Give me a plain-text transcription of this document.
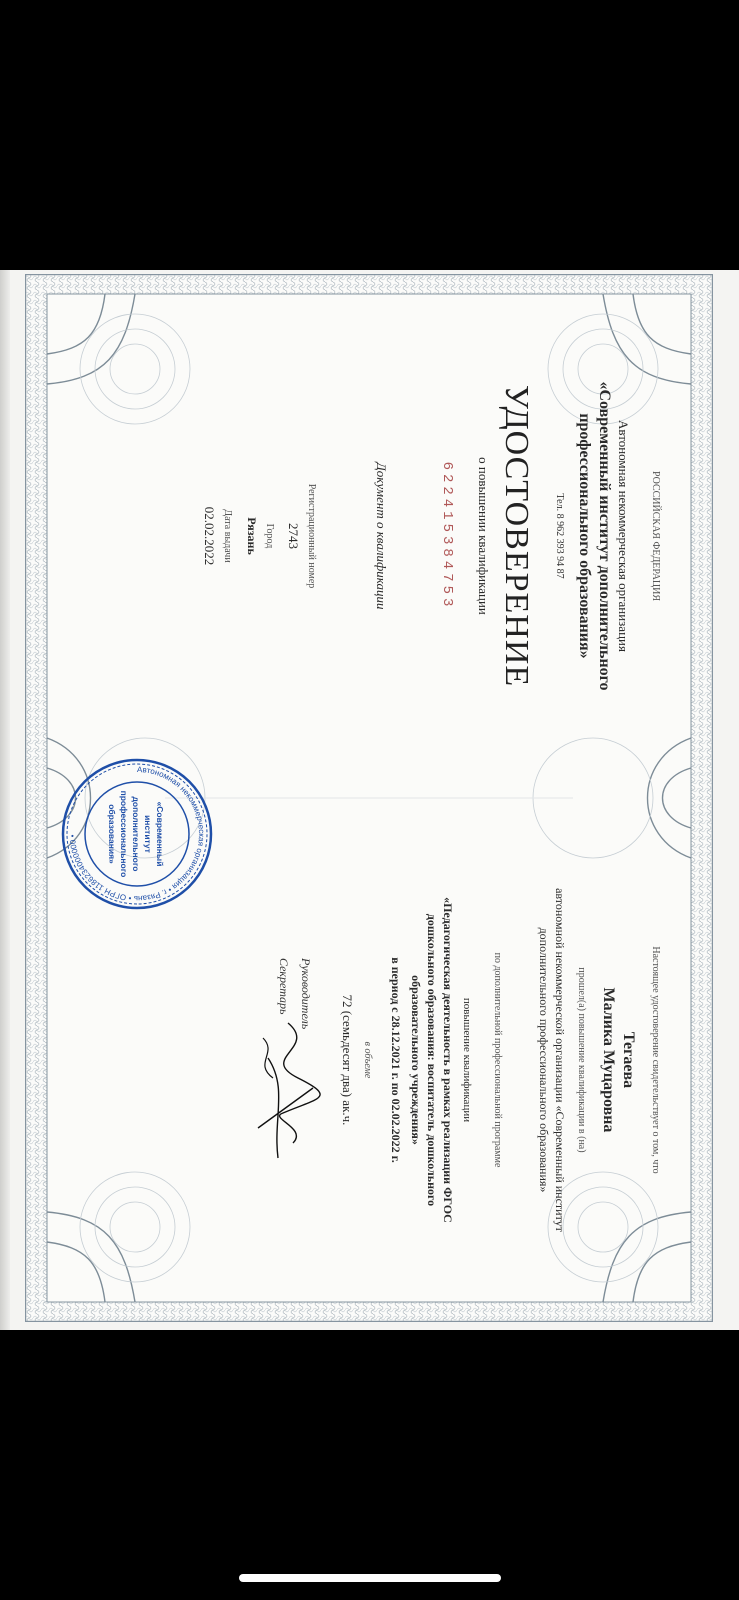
РОССИЙСКАЯ ФЕДЕРАЦИЯ
Автономная некоммерческая организация
«Современный институт дополнительного
профессионального образования»
Тел. 8 962 393 94 87
УДОСТОВЕРЕНИЕ
о повышении квалификации
622415384753
Документ о квалификации
Регистрационный номер
2743
Город
Рязань
Дата выдачи
02.02.2022
Настоящее удостоверение свидетельствует о том, что
Тегаева
Малика Муцаровна
прошел(а) повышение квалификации в (на)
автономной некоммерческой организации «Современный институт
дополнительного профессионального образования»
по дополнительной профессиональной программе
повышение квалификации
«Педагогическая деятельность в рамках реализации ФГОС
дошкольного образования: воспитатель дошкольного
образовательного учреждения»
в период с 28.12.2021 г. по 02.02.2022 г.
в объеме
72 (семьдесят два) ак.ч.
Руководитель
Секретарь
Автономная некоммерческая организация • г. Рязань • ОГРН 1186234000000 •	«Современный
институт
дополнительного
профессионального
образования»
